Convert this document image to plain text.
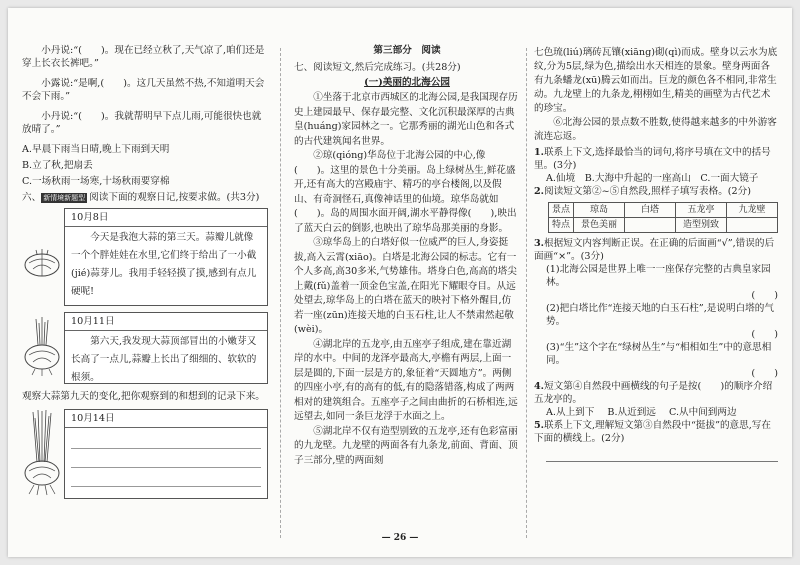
小丹说:“(　　)。现在已经立秋了,天气凉了,咱们还是穿上长衣长裤吧。”

小露说:“是啊,(　　)。这几天虽然不热,不知道明天会不会下雨。”

小丹说:“(　　)。我就帮明早下点儿雨,可能很快也就放晴了。”

A.早晨下雨当日晴,晚上下雨到天明

B.立了秋,把扇丢

C.一场秋雨一场寒,十场秋雨要穿棉

六、 新情境新题型 阅读下面的观察日记,按要求做。(共3分)

10月8日
今天是我泡大蒜的第三天。蒜瓣儿就像一个个胖娃娃在水里,它们终于给出了一小截(jié)蒜芽儿。我用手轻轻摸了摸,感到有点儿硬呢!
10月11日
第六天,我发现大蒜顶部冒出的小嫩芽又长高了一点儿,蒜瓣上长出了细细的、软软的根须。

观察大蒜第九天的变化,把你观察到的和想到的记录下来。

10月14日

第三部分　阅读

七、阅读短文,然后完成练习。(共28分)

(一)美丽的北海公园

①坐落于北京市西城区的北海公园,是我国现存历史上建园最早、保存最完整、文化沉积最深厚的古典皇(huáng)家园林之一。它那秀丽的湖光山色和各式的古代建筑闻名世界。

②琼(qióng)华岛位于北海公园的中心,像(　　)。这里的景色十分美丽。岛上绿树丛生,鲜花盛开,还有高大的宫殿庙宇、精巧的亭台楼阁,以及假山、有奇洞怪石,真像神话里的仙境。琼华岛就如(　　)。岛的周围水面开阔,湖水平静得像(　　),映出了蓝天白云的倒影,也映出了琼华岛那美丽的身影。

③琼华岛上的白塔好似一位威严的巨人,身姿挺拔,高入云霄(xiāo)。白塔是北海公园的标志。它有一个人多高,高30多米,气势雄伟。塔身白色,高高的塔尖上戴(fǔ)盖着一顶金色宝盖,在阳光下耀眼夺目。从远处望去,琼华岛上的白塔在蓝天的映衬下格外醒目,仿若一座(zūn)连接天地的白玉石柱,让人不禁肃然起敬(wèi)。

④湖北岸的五龙亭,由五座亭子组成,建在靠近湖岸的水中。中间的龙泽亭最高大,亭檐有两层,上面一层是圆的,下面一层是方的,象征着“天圆地方”。两侧的四座小亭,有的高有的低,有的隐落错落,构成了两两相对的建筑组合。五座亭子之间由曲折的石桥相连,远远望去,如同一条巨龙浮于水面之上。

⑤湖北岸不仅有造型别致的五龙亭,还有色彩富丽的九龙壁。九龙壁的两面各有九条龙,前面、背面、顶子三部分,壁的两面刻

七色琉(liú)璃砖瓦镶(xiāng)砌(qì)而成。壁身以云水为底纹,分为5层,绿为色,描绘出水天相连的景象。壁身两面各有九条蟠龙(xū)腾云如而出。巨龙的颜色各不相同,非常生动。九龙壁上的九条龙,栩栩如生,精美的画壁为古代艺术的珍宝。

⑥北海公园的景点数不胜数,使得越来越多的中外游客流连忘返。

1.联系上下文,选择最恰当的词句,将序号填在文中的括号里。(3分)

A.仙境　B.大海中升起的一座高山　C.一面大镜子

2.阅读短文第②~⑤自然段,照样子填写表格。(2分)

景点	琼岛	白塔	五龙亭	九龙壁
特点	景色美丽		造型别致	

3.根据短文内容判断正误。在正确的后面画“√”,错误的后面画“×”。(3分)

(1)北海公园是世界上唯一一座保存完整的古典皇家园林。

(　　)

(2)把白塔比作“连接天地的白玉石柱”,是说明白塔的气势。

(　　)

(3)“生”这个字在“绿树丛生”与“相相如生”中的意思相同。

(　　)

4.短文第④自然段中画横线的句子是按(　　)的顺序介绍五龙亭的。

A.从上到下 B.从近到远 C.从中间到两边

5.联系上下文,理解短文第③自然段中“挺拔”的意思,写在下面的横线上。(2分)

— 26 —
